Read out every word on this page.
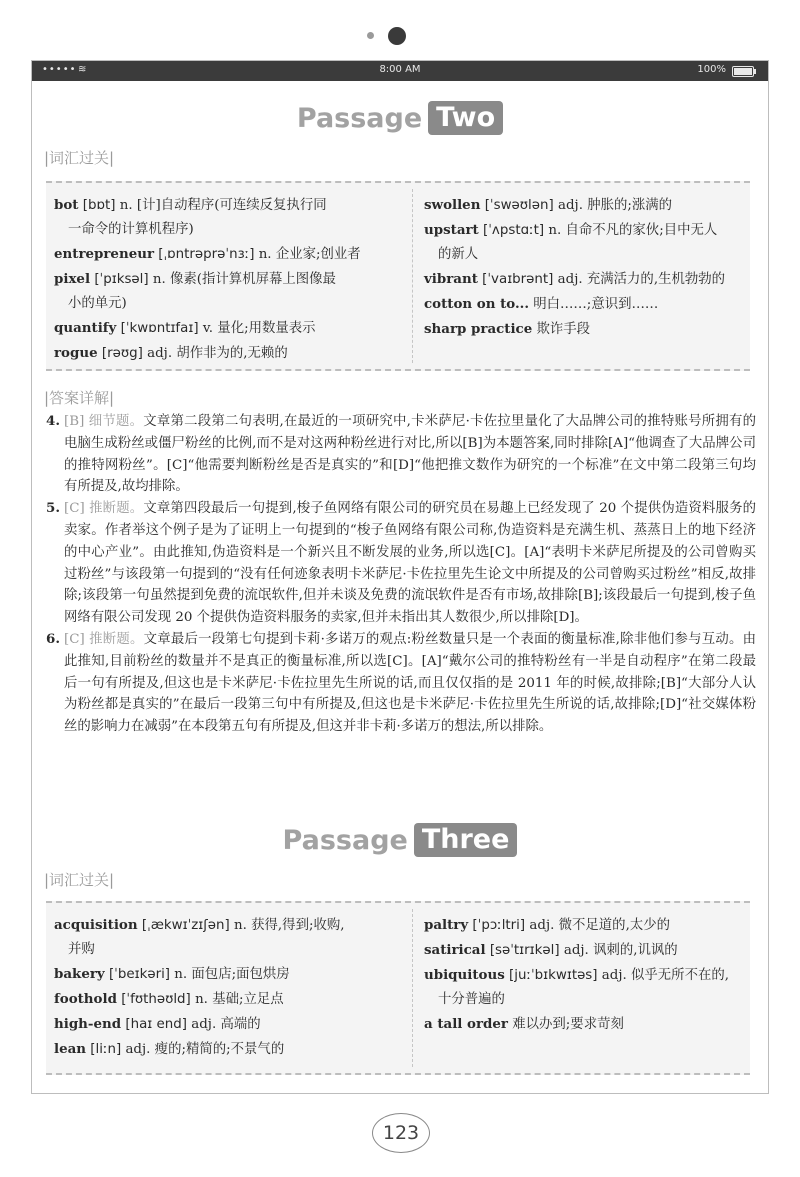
••••• ≋	8:00 AM	100%
Passage Two
|词汇过关|
bot [bɒt] n. [计]自动程序(可连续反复执行同
一命令的计算机程序)
entrepreneur [ˌɒntrəprəˈnɜː] n. 企业家;创业者
pixel [ˈpɪksəl] n. 像素(指计算机屏幕上图像最
小的单元)
quantify [ˈkwɒntɪfaɪ] v. 量化;用数量表示
rogue [rəʊg] adj. 胡作非为的,无赖的
swollen [ˈswəʊlən] adj. 肿胀的;涨满的
upstart [ˈʌpstɑːt] n. 自命不凡的家伙;目中无人
的新人
vibrant [ˈvaɪbrənt] adj. 充满活力的,生机勃勃的
cotton on to... 明白……;意识到……
sharp practice 欺诈手段
|答案详解|

4. [B] 细节题。文章第二段第二句表明,在最近的一项研究中,卡米萨尼·卡佐拉里量化了大品牌公司的推特账号所拥有的电脑生成粉丝或僵尸粉丝的比例,而不是对这两种粉丝进行对比,所以[B]为本题答案,同时排除[A]“他调查了大品牌公司的推特网粉丝”。[C]“他需要判断粉丝是否是真实的”和[D]“他把推文数作为研究的一个标准”在文中第二段第三句均有所提及,故均排除。

5. [C] 推断题。文章第四段最后一句提到,梭子鱼网络有限公司的研究员在易趣上已经发现了 20 个提供伪造资料服务的卖家。作者举这个例子是为了证明上一句提到的“梭子鱼网络有限公司称,伪造资料是充满生机、蒸蒸日上的地下经济的中心产业”。由此推知,伪造资料是一个新兴且不断发展的业务,所以选[C]。[A]“表明卡米萨尼所提及的公司曾购买过粉丝”与该段第一句提到的“没有任何迹象表明卡米萨尼·卡佐拉里先生论文中所提及的公司曾购买过粉丝”相反,故排除;该段第一句虽然提到免费的流氓软件,但并未谈及免费的流氓软件是否有市场,故排除[B];该段最后一句提到,梭子鱼网络有限公司发现 20 个提供伪造资料服务的卖家,但并未指出其人数很少,所以排除[D]。

6. [C] 推断题。文章最后一段第七句提到卡莉·多诺万的观点:粉丝数量只是一个表面的衡量标准,除非他们参与互动。由此推知,目前粉丝的数量并不是真正的衡量标准,所以选[C]。[A]“戴尔公司的推特粉丝有一半是自动程序”在第二段最后一句有所提及,但这也是卡米萨尼·卡佐拉里先生所说的话,而且仅仅指的是 2011 年的时候,故排除;[B]“大部分人认为粉丝都是真实的”在最后一段第三句中有所提及,但这也是卡米萨尼·卡佐拉里先生所说的话,故排除;[D]“社交媒体粉丝的影响力在减弱”在本段第五句有所提及,但这并非卡莉·多诺万的想法,所以排除。

Passage Three
|词汇过关|
acquisition [ˌækwɪˈzɪʃən] n. 获得,得到;收购,
并购
bakery [ˈbeɪkəri] n. 面包店;面包烘房
foothold [ˈfʊthəʊld] n. 基础;立足点
high-end [haɪ end] adj. 高端的
lean [liːn] adj. 瘦的;精简的;不景气的
paltry [ˈpɔːltri] adj. 微不足道的,太少的
satirical [səˈtɪrɪkəl] adj. 讽刺的,讥讽的
ubiquitous [juːˈbɪkwɪtəs] adj. 似乎无所不在的,
十分普遍的
a tall order 难以办到;要求苛刻
123
